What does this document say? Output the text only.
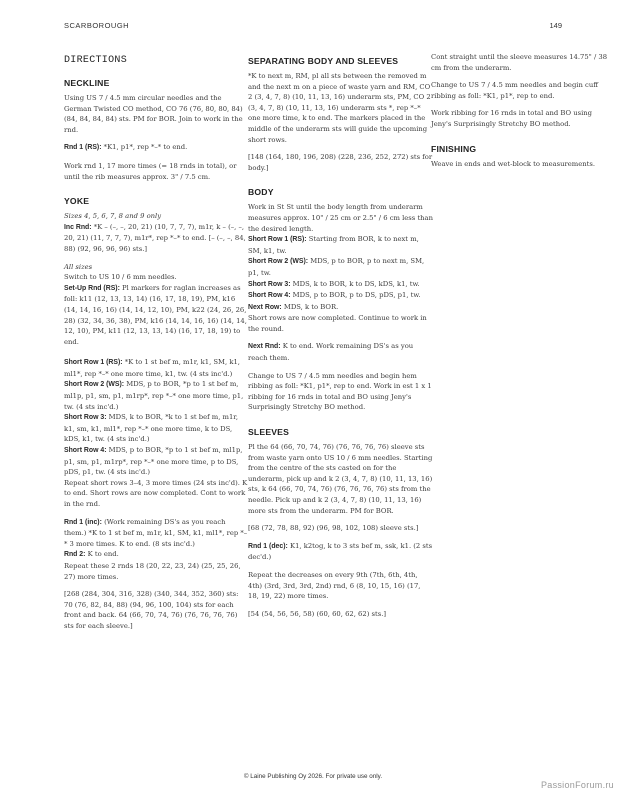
SCARBOROUGH	149
DIRECTIONS
NECKLINE

Using US 7 / 4.5 mm circular needles and the German Twisted CO method, CO 76 (76, 80, 80, 84) (84, 84, 84, 84) sts. PM for BOR. Join to work in the rnd.

Rnd 1 (RS): *K1, p1*, rep *–* to end.

Work rnd 1, 17 more times (= 18 rnds in total), or until the rib measures approx. 3" / 7.5 cm.

YOKE

Sizes 4, 5, 6, 7, 8 and 9 only

Inc Rnd: *K – (–, –, 20, 21) (10, 7, 7, 7), m1r, k – (–, –, 20, 21) (11, 7, 7, 7), m1r*, rep *–* to end. [– (–, –, 84, 88) (92, 96, 96, 96) sts.]

All sizes

Switch to US 10 / 6 mm needles.
Set-Up Rnd (RS): Pl markers for raglan increases as foll: k11 (12, 13, 13, 14) (16, 17, 18, 19), PM, k16 (14, 14, 16, 16) (14, 14, 12, 10), PM, k22 (24, 26, 26, 28) (32, 34, 36, 38), PM, k16 (14, 14, 16, 16) (14, 14, 12, 10), PM, k11 (12, 13, 13, 14) (16, 17, 18, 19) to end.

Short Row 1 (RS): *K to 1 st bef m, m1r, k1, SM, k1, ml1*, rep *–* one more time, k1, tw. (4 sts inc'd.)
Short Row 2 (WS): MDS, p to BOR, *p to 1 st bef m, ml1p, p1, sm, p1, m1rp*, rep *–* one more time, p1, tw. (4 sts inc'd.)
Short Row 3: MDS, k to BOR, *k to 1 st bef m, m1r, k1, sm, k1, ml1*, rep *–* one more time, k to DS, kDS, k1, tw. (4 sts inc'd.)
Short Row 4: MDS, p to BOR, *p to 1 st bef m, ml1p, p1, sm, p1, m1rp*, rep *–* one more time, p to DS, pDS, p1, tw. (4 sts inc'd.)
Repeat short rows 3–4, 3 more times (24 sts inc'd). K to end. Short rows are now completed. Cont to work in the rnd.

Rnd 1 (inc): (Work remaining DS's as you reach them.) *K to 1 st bef m, m1r, k1, SM, k1, ml1*, rep *–* 3 more times. K to end. (8 sts inc'd.)
Rnd 2: K to end.
Repeat these 2 rnds 18 (20, 22, 23, 24) (25, 25, 26, 27) more times.

[268 (284, 304, 316, 328) (340, 344, 352, 360) sts: 70 (76, 82, 84, 88) (94, 96, 100, 104) sts for each front and back. 64 (66, 70, 74, 76) (76, 76, 76, 76) sts for each sleeve.]

SEPARATING BODY AND SLEEVES

*K to next m, RM, pl all sts between the removed m and the next m on a piece of waste yarn and RM, CO 2 (3, 4, 7, 8) (10, 11, 13, 16) underarm sts, PM, CO 2 (3, 4, 7, 8) (10, 11, 13, 16) underarm sts *, rep *–* one more time, k to end. The markers placed in the middle of the underarm sts will guide the upcoming short rows.

[148 (164, 180, 196, 208) (228, 236, 252, 272) sts for body.]

BODY

Work in St St until the body length from underarm measures approx. 10" / 25 cm or 2.5" / 6 cm less than the desired length.
Short Row 1 (RS): Starting from BOR, k to next m, SM, k1, tw.
Short Row 2 (WS): MDS, p to BOR, p to next m, SM, p1, tw.
Short Row 3: MDS, k to BOR, k to DS, kDS, k1, tw.
Short Row 4: MDS, p to BOR, p to DS, pDS, p1, tw.
Next Row: MDS, k to BOR.
Short rows are now completed. Continue to work in the round.

Next Rnd: K to end. Work remaining DS's as you reach them.

Change to US 7 / 4.5 mm needles and begin hem ribbing as foll: *K1, p1*, rep to end. Work in est 1 x 1 ribbing for 16 rnds in total and BO using Jeny's Surprisingly Stretchy BO method.

SLEEVES

Pl the 64 (66, 70, 74, 76) (76, 76, 76, 76) sleeve sts from waste yarn onto US 10 / 6 mm needles. Starting from the centre of the sts casted on for the underarm, pick up and k 2 (3, 4, 7, 8) (10, 11, 13, 16) sts, k 64 (66, 70, 74, 76) (76, 76, 76, 76) sts from the needle. Pick up and k 2 (3, 4, 7, 8) (10, 11, 13, 16) more sts from the underarm. PM for BOR.

[68 (72, 78, 88, 92) (96, 98, 102, 108) sleeve sts.]

Rnd 1 (dec): K1, k2tog, k to 3 sts bef m, ssk, k1. (2 sts dec'd.)

Repeat the decreases on every 9th (7th, 6th, 4th, 4th) (3rd, 3rd, 3rd, 2nd) rnd, 6 (8, 10, 15, 16) (17, 18, 19, 22) more times.

[54 (54, 56, 56, 58) (60, 60, 62, 62) sts.]

Cont straight until the sleeve measures 14.75" / 38 cm from the underarm.

Change to US 7 / 4.5 mm needles and begin cuff ribbing as foll: *K1, p1*, rep to end.

Work ribbing for 16 rnds in total and BO using Jeny's Surprisingly Stretchy BO method.

FINISHING

Weave in ends and wet-block to measurements.

© Laine Publishing Oy 2026. For private use only.
PassionForum.ru
